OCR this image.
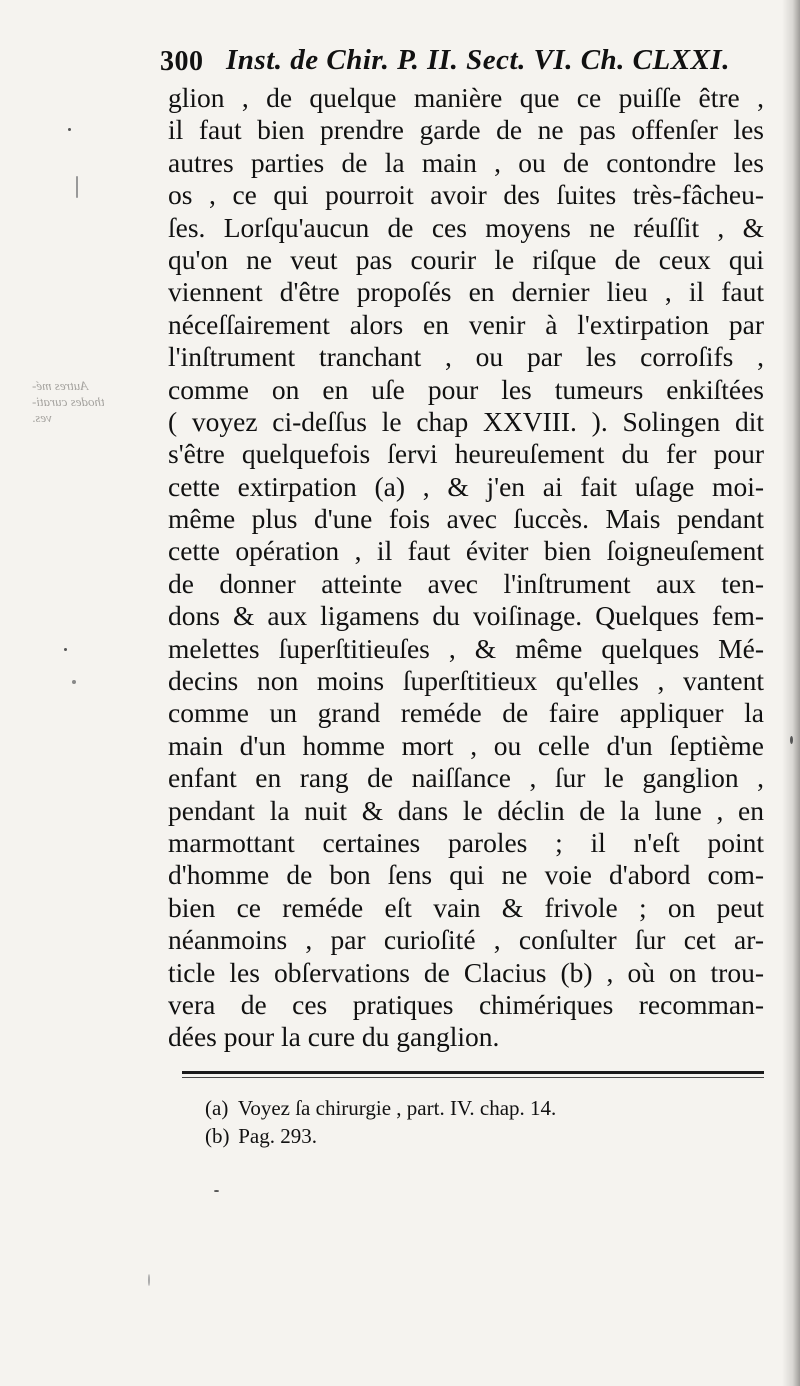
300 Inst. de Chir. P. II. Sect. VI. Ch. CLXXI.
Autres mé-
thodes curati-
ves.
glion , de quelque manière que ce puiſſe être ,
il faut bien prendre garde de ne pas offenſer les
autres parties de la main , ou de contondre les
os , ce qui pourroit avoir des ſuites très-fâcheu-
ſes. Lorſqu'aucun de ces moyens ne réuſſit , &
qu'on ne veut pas courir le riſque de ceux qui
viennent d'être propoſés en dernier lieu , il faut
néceſſairement alors en venir à l'extirpation par
l'inſtrument tranchant , ou par les corroſifs ,
comme on en uſe pour les tumeurs enkiſtées
( voyez ci-deſſus le chap XXVIII. ). Solingen dit
s'être quelquefois ſervi heureuſement du fer pour
cette extirpation (a) , & j'en ai fait uſage moi-
même plus d'une fois avec ſuccès. Mais pendant
cette opération , il faut éviter bien ſoigneuſement
de donner atteinte avec l'inſtrument aux ten-
dons & aux ligamens du voiſinage. Quelques fem-
melettes ſuperſtitieuſes , & même quelques Mé-
decins non moins ſuperſtitieux qu'elles , vantent
comme un grand reméde de faire appliquer la
main d'un homme mort , ou celle d'un ſeptième
enfant en rang de naiſſance , ſur le ganglion ,
pendant la nuit & dans le déclin de la lune , en
marmottant certaines paroles ; il n'eſt point
d'homme de bon ſens qui ne voie d'abord com-
bien ce reméde eſt vain & frivole ; on peut
néanmoins , par curioſité , conſulter ſur cet ar-
ticle les obſervations de Clacius (b) , où on trou-
vera de ces pratiques chimériques recomman-
dées pour la cure du ganglion.
(a) Voyez ſa chirurgie , part. IV. chap. 14.
(b) Pag. 293.
